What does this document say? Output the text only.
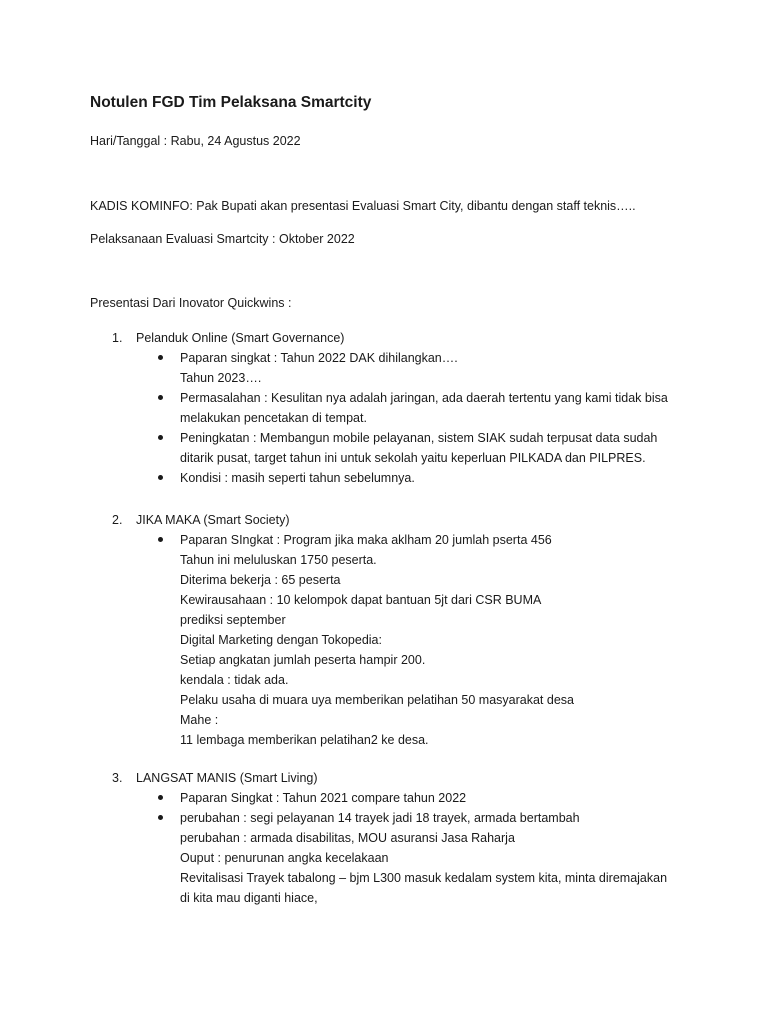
Notulen FGD Tim Pelaksana Smartcity

Hari/Tanggal : Rabu, 24 Agustus 2022

KADIS KOMINFO: Pak Bupati akan presentasi Evaluasi Smart City, dibantu dengan staff teknis…..

Pelaksanaan Evaluasi Smartcity : Oktober 2022

Presentasi Dari Inovator Quickwins :

1. Pelanduk Online (Smart Governance)
Paparan singkat : Tahun 2022 DAK dihilangkan….
Tahun 2023….
Permasalahan : Kesulitan nya adalah jaringan, ada daerah tertentu yang kami tidak bisa
melakukan pencetakan di tempat.
Peningkatan : Membangun mobile pelayanan, sistem SIAK sudah terpusat data sudah
ditarik pusat, target tahun ini untuk sekolah yaitu keperluan PILKADA dan PILPRES.
Kondisi : masih seperti tahun sebelumnya.
2. JIKA MAKA (Smart Society)
Paparan SIngkat : Program jika maka aklham 20 jumlah pserta 456
Tahun ini meluluskan 1750 peserta.
Diterima bekerja : 65 peserta
Kewirausahaan : 10 kelompok dapat bantuan 5jt dari CSR BUMA
prediksi september
Digital Marketing dengan Tokopedia:
Setiap angkatan jumlah peserta hampir 200.
kendala : tidak ada.
Pelaku usaha di muara uya memberikan pelatihan 50 masyarakat desa
Mahe :
11 lembaga memberikan pelatihan2 ke desa.
3. LANGSAT MANIS (Smart Living)
Paparan Singkat : Tahun 2021 compare tahun 2022
perubahan : segi pelayanan 14 trayek jadi 18 trayek, armada bertambah
perubahan : armada disabilitas, MOU asuransi Jasa Raharja
Ouput : penurunan angka kecelakaan
Revitalisasi Trayek tabalong – bjm L300 masuk kedalam system kita, minta diremajakan
di kita mau diganti hiace,
